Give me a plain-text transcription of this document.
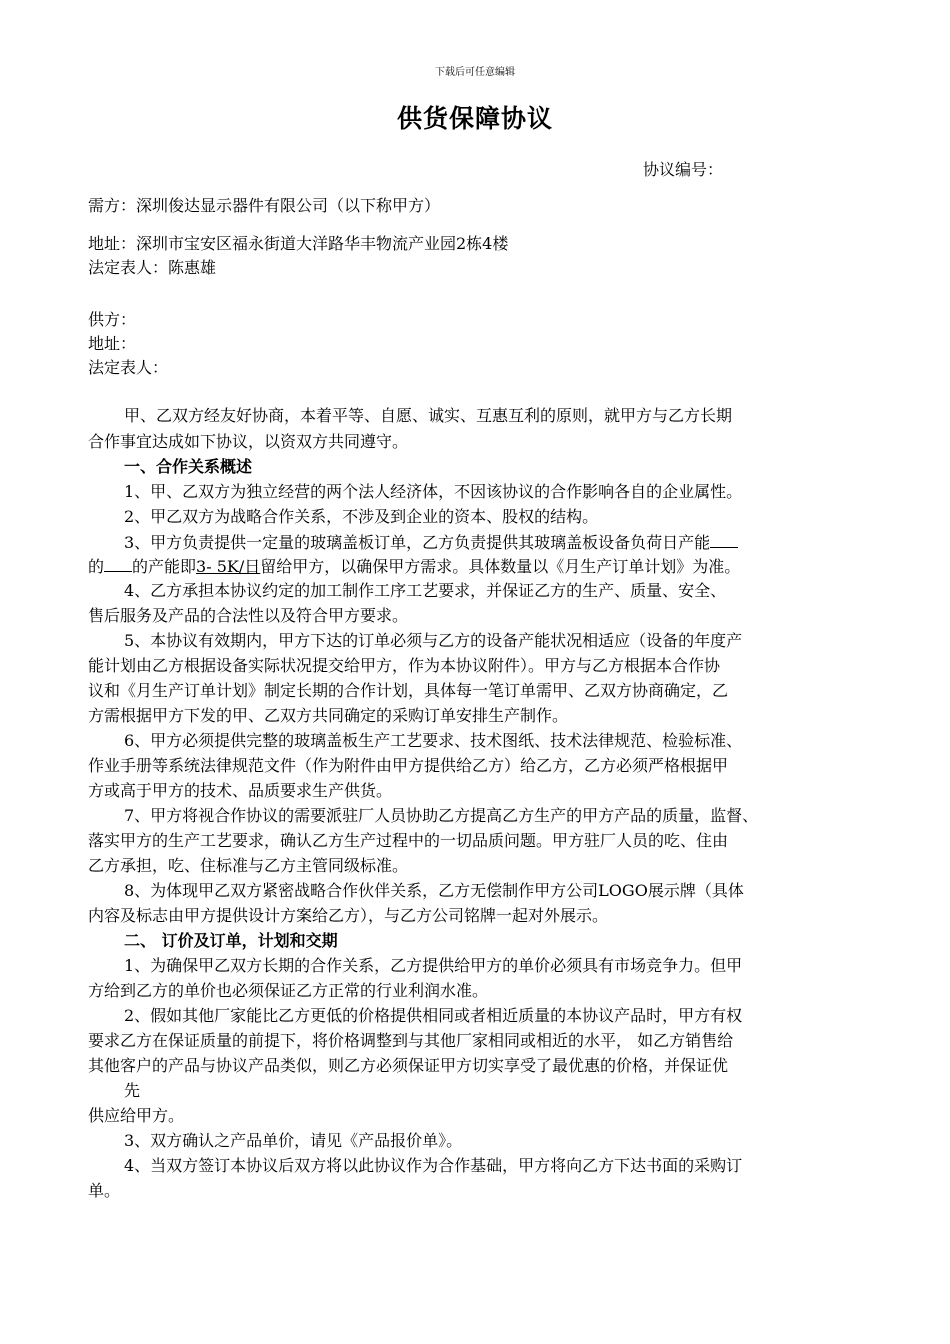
下载后可任意编辑
供货保障协议
协议编号：
需方：深圳俊达显示器件有限公司（以下称甲方）
地址：深圳市宝安区福永街道大洋路华丰物流产业园2栋4楼
法定表人：陈惠雄
供方：
地址：
法定表人：
甲、乙双方经友好协商，本着平等、自愿、诚实、互惠互利的原则，就甲方与乙方长期
合作事宜达成如下协议，以资双方共同遵守。
一、合作关系概述
1、甲、乙双方为独立经营的两个法人经济体，不因该协议的合作影响各自的企业属性。
2、甲乙双方为战略合作关系，不涉及到企业的资本、股权的结构。
3、甲方负责提供一定量的玻璃盖板订单，乙方负责提供其玻璃盖板设备负荷日产能
的 的产能即3- 5K/日留给甲方，以确保甲方需求。具体数量以《月生产订单计划》为准。
4、乙方承担本协议约定的加工制作工序工艺要求，并保证乙方的生产、质量、安全、
售后服务及产品的合法性以及符合甲方要求。
5、本协议有效期内，甲方下达的订单必须与乙方的设备产能状况相适应（设备的年度产
能计划由乙方根据设备实际状况提交给甲方，作为本协议附件）。甲方与乙方根据本合作协
议和《月生产订单计划》制定长期的合作计划，具体每一笔订单需甲、乙双方协商确定，乙
方需根据甲方下发的甲、乙双方共同确定的采购订单安排生产制作。
6、甲方必须提供完整的玻璃盖板生产工艺要求、技术图纸、技术法律规范、检验标准、
作业手册等系统法律规范文件（作为附件由甲方提供给乙方）给乙方，乙方必须严格根据甲
方或高于甲方的技术、品质要求生产供货。
7、甲方将视合作协议的需要派驻厂人员协助乙方提高乙方生产的甲方产品的质量，监督、
落实甲方的生产工艺要求，确认乙方生产过程中的一切品质问题。甲方驻厂人员的吃、住由
乙方承担，吃、住标准与乙方主管同级标准。
8、为体现甲乙双方紧密战略合作伙伴关系，乙方无偿制作甲方公司LOGO展示牌（具体
内容及标志由甲方提供设计方案给乙方），与乙方公司铭牌一起对外展示。
二、 订价及订单，计划和交期
1、为确保甲乙双方长期的合作关系，乙方提供给甲方的单价必须具有市场竞争力。但甲
方给到乙方的单价也必须保证乙方正常的行业利润水准。
2、假如其他厂家能比乙方更低的价格提供相同或者相近质量的本协议产品时，甲方有权
要求乙方在保证质量的前提下，将价格调整到与其他厂家相同或相近的水平， 如乙方销售给
其他客户的产品与协议产品类似，则乙方必须保证甲方切实享受了最优惠的价格，并保证优
先
供应给甲方。
3、双方确认之产品单价，请见《产品报价单》。
4、当双方签订本协议后双方将以此协议作为合作基础，甲方将向乙方下达书面的采购订
单。
